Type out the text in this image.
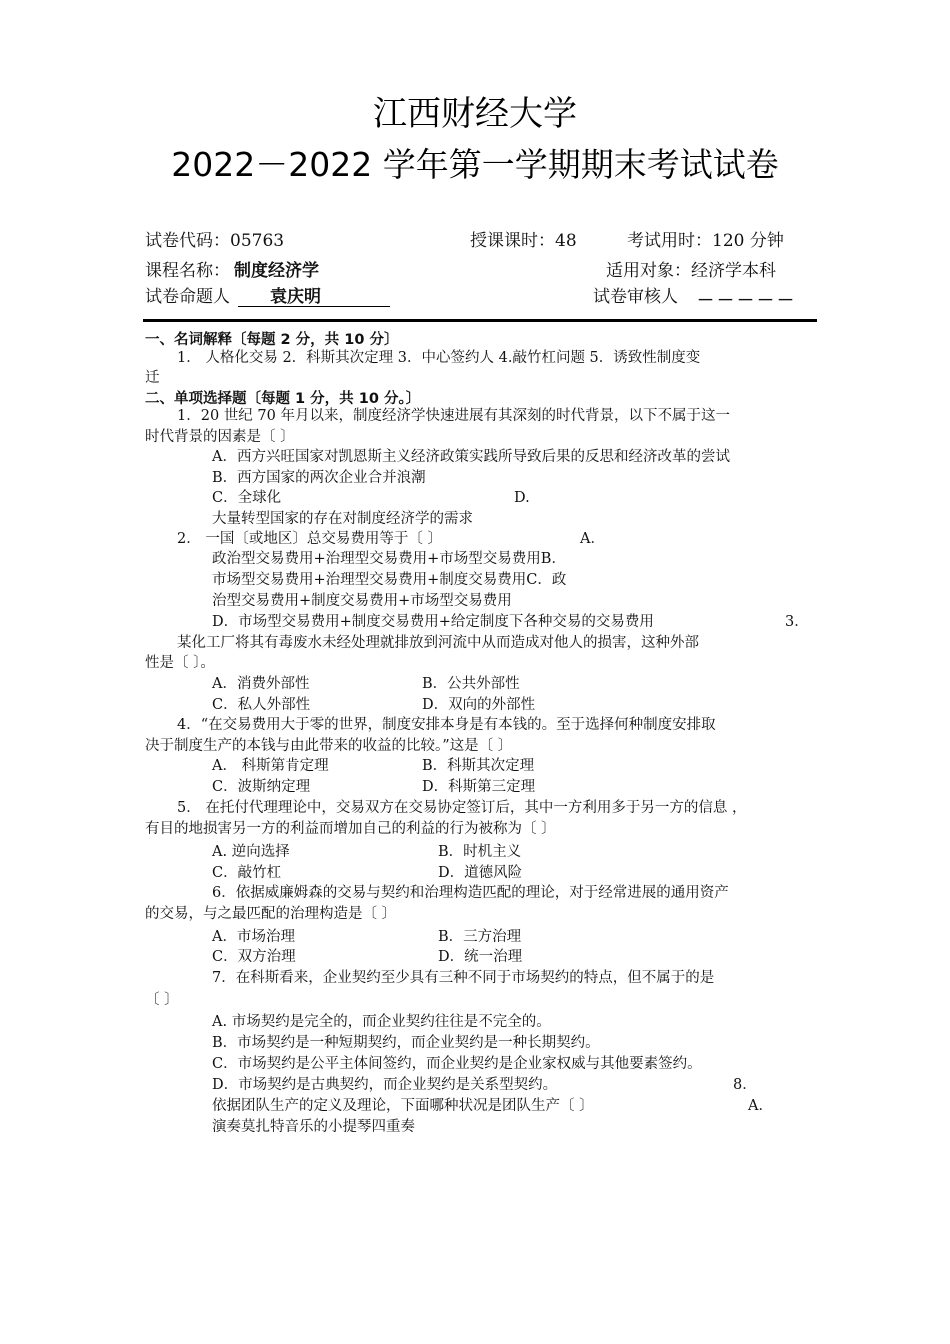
江西财经大学
2022－2022 学年第一学期期末考试试卷
试卷代码：05763	授课课时：48	考试用时：120 分钟
课程名称： 制度经济学	适用对象：经济学本科
试卷命题人	袁庆明	试卷审核人 －－－－－
一、名词解释〔每题 2 分，共 10 分〕
1． 人格化交易 2．科斯其次定理 3．中心签约人 4.敲竹杠问题 5．诱致性制度变
迁
二、单项选择题〔每题 1 分，共 10 分。〕
1．20 世纪 70 年月以来，制度经济学快速进展有其深刻的时代背景，以下不属于这一
时代背景的因素是〔 〕
A．西方兴旺国家对凯恩斯主义经济政策实践所导致后果的反思和经济改革的尝试
B．西方国家的两次企业合并浪潮
C．全球化	D.
大量转型国家的存在对制度经济学的需求
2． 一国〔或地区〕总交易费用等于〔 〕	A．
政治型交易费用+治理型交易费用+市场型交易费用B．
市场型交易费用+治理型交易费用+制度交易费用C．政
治型交易费用+制度交易费用+市场型交易费用
D．市场型交易费用+制度交易费用+给定制度下各种交易的交易费用	3．
某化工厂将其有毒废水未经处理就排放到河流中从而造成对他人的损害，这种外部
性是〔 〕。
A．消费外部性	B．公共外部性
C．私人外部性	D．双向的外部性
4．“在交易费用大于零的世界，制度安排本身是有本钱的。至于选择何种制度安排取
决于制度生产的本钱与由此带来的收益的比较。”这是〔 〕
A． 科斯第肯定理	B．科斯其次定理
C．波斯纳定理	D．科斯第三定理
5． 在托付代理理论中，交易双方在交易协定签订后，其中一方利用多于另一方的信息 ，
有目的地损害另一方的利益而增加自己的利益的行为被称为〔 〕
A. 逆向选择	B．时机主义
C．敲竹杠	D．道德风险
6．依据威廉姆森的交易与契约和治理构造匹配的理论，对于经常进展的通用资产
的交易，与之最匹配的治理构造是〔 〕
A．市场治理	B．三方治理
C．双方治理	D．统一治理
7．在科斯看来，企业契约至少具有三种不同于市场契约的特点，但不属于的是
〔 〕
A. 市场契约是完全的，而企业契约往往是不完全的。
B．市场契约是一种短期契约，而企业契约是一种长期契约。
C．市场契约是公平主体间签约，而企业契约是企业家权威与其他要素签约。
D．市场契约是古典契约，而企业契约是关系型契约。	8．
依据团队生产的定义及理论，下面哪种状况是团队生产〔 〕	A．
演奏莫扎特音乐的小提琴四重奏
